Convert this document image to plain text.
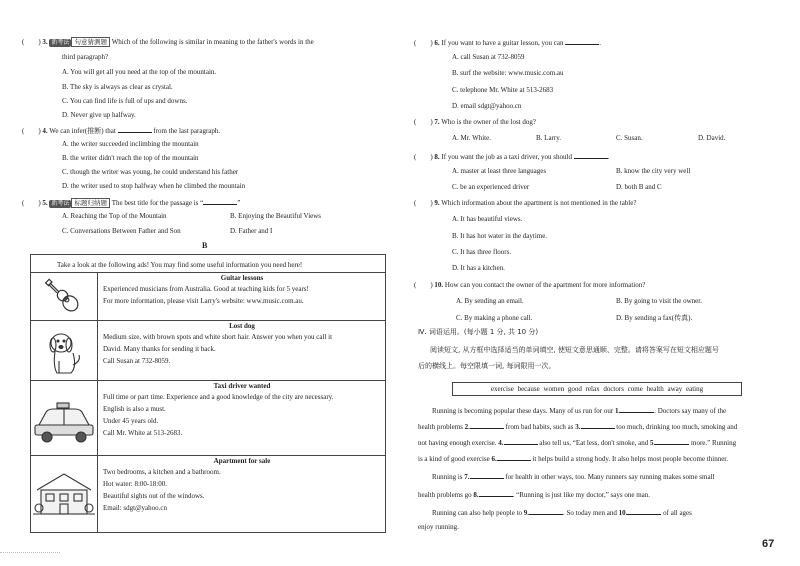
(　　) 3. 新考法 句意猜测题 Which of the following is similar in meaning to the father's words in the
third paragraph?
A. You will get all you need at the top of the mountain.
B. The sky is always as clear as crystal.
C. You can find life is full of ups and downs.
D. Never give up halfway.
(　　) 4. We can infer(推断) that	from the last paragraph.
A. the writer succeeded inclimbing the mountain
B. the writer didn't reach the top of the mountain
C. though the writer was young, he could understand his father
D. the writer used to stop halfway when he climbed the mountain
(　　) 5. 新考法 标题归纳题 The best title for the passage is “	”
A. Reaching the Top of the Mountain	B. Enjoying the Beautiful Views
C. Conversations Between Father and Son	D. Father and I
B
Take a look at the following ads! You may find some useful information you need here!
Guitar lessons
Experienced musicians from Australia. Good at teaching kids for 5 years!
For more information, please visit Larry's website: www.music.com.au.
Lost dog
Medium size, with brown spots and white short hair. Answer you when you call it
David. Many thanks for sending it back.
Call Susan at 732-8059.
Taxi driver wanted
Full time or part time. Experience and a good knowledge of the city are necessary.
English is also a must.
Under 45 years old.
Call Mr. White at 513-2683.
Apartment for sale
Two bedrooms, a kitchen and a bathroom.
Hot water: 8:00-18:00.
Beautiful sights out of the windows.
Email: sdgt@yahoo.cn
(　　) 6. If you want to have a guitar lesson, you can	.
A. call Susan at 732-8059
B. surf the website: www.music.com.au
C. telephone Mr. White at 513-2683
D. email sdgt@yahoo.cn
(　　) 7. Who is the owner of the lost dog?
A. Mr. White.	B. Larry.	C. Susan.	D. David.
(　　) 8. If you want the job as a taxi driver, you should	.
A. master at least three languages	B. know the city very well
C. be an experienced driver	D. both B and C
(　　) 9. Which information about the apartment is not mentioned in the table?
A. It has beautiful views.
B. It has hot water in the daytime.
C. It has three floors.
D. It has a kitchen.
(　　) 10. How can you contact the owner of the apartment for more information?
A. By sending an email.	B. By going to visit the owner.
C. By making a phone call.	D. By sending a fax(传真).
Ⅳ. 词语运用。(每小题 1 分, 共 10 分)
阅读短文, 从方框中选择适当的单词填空, 使短文意思通顺、完整。请将答案写在短文相应题号
后的横线上。每空限填一词, 每词限用一次。
exercise because women good relax doctors come health away eating
Running is becoming popular these days. Many of us run for our 1.	. Doctors say many of the
health problems 2.	from bad habits, such as 3.	too much, drinking too much, smoking and
not having enough exercise. 4.	also tell us, “Eat less, don't smoke, and 5.	more.” Running
is a kind of good exercise 6.	it helps build a strong body. It also helps most people become thinner.
Running is 7.	for health in other ways, too. Many runners say running makes some small
health problems go 8.	. “Running is just like my doctor,” says one man.
Running can also help people to 9.	. So today men and 10.	of all ages
enjoy running.
67
